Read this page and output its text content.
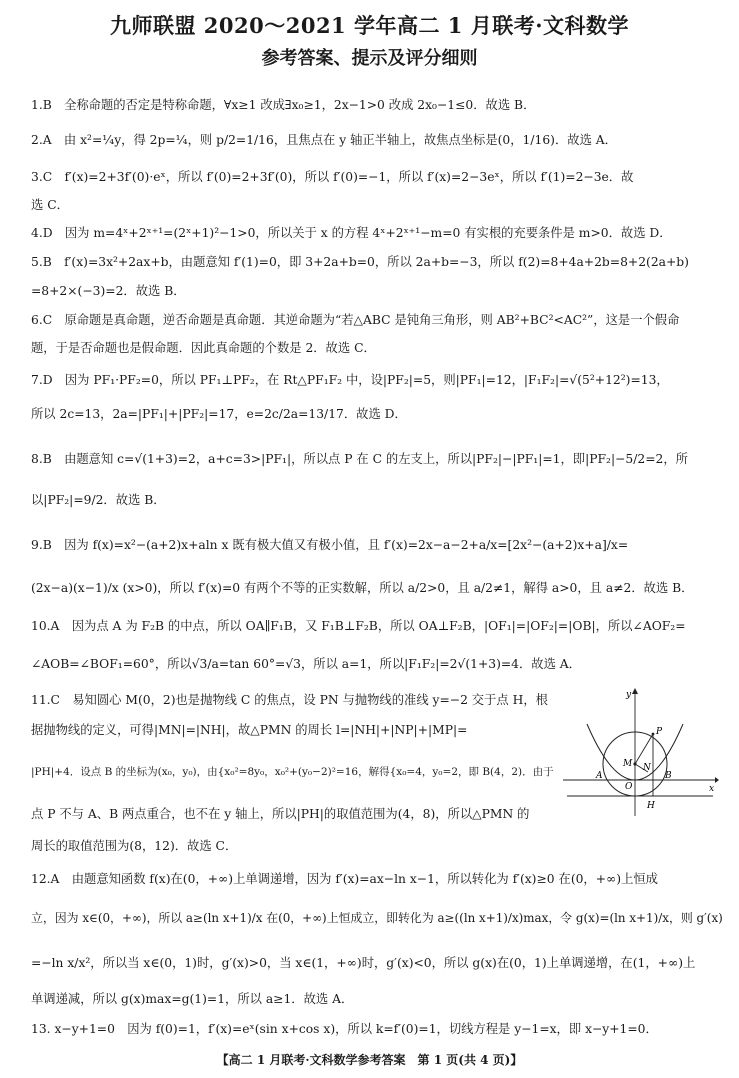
九师联盟 2020～2021 学年高二 1 月联考·文科数学
参考答案、提示及评分细则
1.B　全称命题的否定是特称命题，∀x≥1 改成∃x₀≥1，2x−1>0 改成 2x₀−1≤0．故选 B．
2.A　由 x²=¼y，得 2p=¼，则 p/2=1/16，且焦点在 y 轴正半轴上，故焦点坐标是(0，1/16)．故选 A．
3.C　f′(x)=2+3f′(0)·eˣ，所以 f′(0)=2+3f′(0)，所以 f′(0)=−1，所以 f′(x)=2−3eˣ，所以 f′(1)=2−3e．故
选 C．
4.D　因为 m=4ˣ+2ˣ⁺¹=(2ˣ+1)²−1>0，所以关于 x 的方程 4ˣ+2ˣ⁺¹−m=0 有实根的充要条件是 m>0．故选 D．
5.B　f′(x)=3x²+2ax+b，由题意知 f′(1)=0，即 3+2a+b=0，所以 2a+b=−3，所以 f(2)=8+4a+2b=8+2(2a+b)
=8+2×(−3)=2．故选 B．
6.C　原命题是真命题，逆否命题是真命题．其逆命题为“若△ABC 是钝角三角形，则 AB²+BC²<AC²”，这是一个假命
题，于是否命题也是假命题．因此真命题的个数是 2．故选 C．
7.D　因为 PF₁·PF₂=0，所以 PF₁⊥PF₂，在 Rt△PF₁F₂ 中，设|PF₂|=5，则|PF₁|=12，|F₁F₂|=√(5²+12²)=13，
所以 2c=13，2a=|PF₁|+|PF₂|=17，e=2c/2a=13/17．故选 D．
8.B　由题意知 c=√(1+3)=2，a+c=3>|PF₁|，所以点 P 在 C 的左支上，所以|PF₂|−|PF₁|=1，即|PF₂|−5/2=2，所
以|PF₂|=9/2．故选 B．
9.B　因为 f(x)=x²−(a+2)x+aln x 既有极大值又有极小值，且 f′(x)=2x−a−2+a/x=[2x²−(a+2)x+a]/x=
(2x−a)(x−1)/x (x>0)，所以 f′(x)=0 有两个不等的正实数解，所以 a/2>0，且 a/2≠1，解得 a>0，且 a≠2．故选 B．
10.A　因为点 A 为 F₂B 的中点，所以 OA∥F₁B，又 F₁B⊥F₂B，所以 OA⊥F₂B，|OF₁|=|OF₂|=|OB|，所以∠AOF₂=
∠AOB=∠BOF₁=60°，所以√3/a=tan 60°=√3，所以 a=1，所以|F₁F₂|=2√(1+3)=4．故选 A．
11.C　易知圆心 M(0，2)也是抛物线 C 的焦点，设 PN 与抛物线的准线 y=−2 交于点 H，根
据抛物线的定义，可得|MN|=|NH|，故△PMN 的周长 l=|NH|+|NP|+|MP|=
|PH|+4．设点 B 的坐标为(x₀，y₀)，由{x₀²=8y₀，x₀²+(y₀−2)²=16，解得{x₀=4，y₀=2，即 B(4，2)．由于
点 P 不与 A、B 两点重合，也不在 y 轴上，所以|PH|的取值范围为(4，8)，所以△PMN 的
周长的取值范围为(8，12)．故选 C．
12.A　由题意知函数 f(x)在(0，+∞)上单调递增，因为 f′(x)=ax−ln x−1，所以转化为 f′(x)≥0 在(0，+∞)上恒成
立，因为 x∈(0，+∞)，所以 a≥(ln x+1)/x 在(0，+∞)上恒成立，即转化为 a≥((ln x+1)/x)max，令 g(x)=(ln x+1)/x，则 g′(x)
=−ln x/x²，所以当 x∈(0，1)时，g′(x)>0，当 x∈(1，+∞)时，g′(x)<0，所以 g(x)在(0，1)上单调递增，在(1，+∞)上
单调递减，所以 g(x)max=g(1)=1，所以 a≥1．故选 A．
13. x−y+1=0　因为 f(0)=1，f′(x)=eˣ(sin x+cos x)，所以 k=f′(0)=1，切线方程是 y−1=x，即 x−y+1=0．
y
x
O
M N
P
A	B
H
【高二 1 月联考·文科数学参考答案　第 1 页(共 4 页)】
